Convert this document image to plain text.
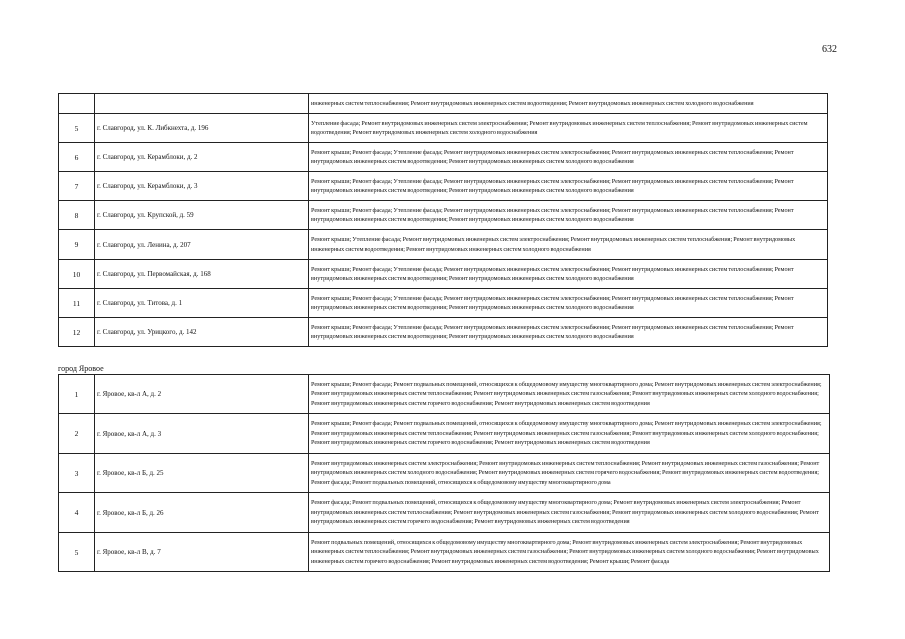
632
		инженерных систем теплоснабжения; Ремонт внутридомовых инженерных систем водоотведения; Ремонт внутридомовых инженерных систем холодного водоснабжения
5	г. Славгород, ул. К. Либкнехта, д. 196	Утепление фасада; Ремонт внутридомовых инженерных систем электроснабжения; Ремонт внутридомовых инженерных систем теплоснабжения; Ремонт внутридомовых инженерных систем водоотведения; Ремонт внутридомовых инженерных систем холодного водоснабжения
6	г. Славгород, ул. Керамблоки, д. 2	Ремонт крыши; Ремонт фасада; Утепление фасада; Ремонт внутридомовых инженерных систем электроснабжения; Ремонт внутридомовых инженерных систем теплоснабжения; Ремонт внутридомовых инженерных систем водоотведения; Ремонт внутридомовых инженерных систем холодного водоснабжения
7	г. Славгород, ул. Керамблоки, д. 3	Ремонт крыши; Ремонт фасада; Утепление фасада; Ремонт внутридомовых инженерных систем электроснабжения; Ремонт внутридомовых инженерных систем теплоснабжения; Ремонт внутридомовых инженерных систем водоотведения; Ремонт внутридомовых инженерных систем холодного водоснабжения
8	г. Славгород, ул. Крупской, д. 59	Ремонт крыши; Ремонт фасада; Утепление фасада; Ремонт внутридомовых инженерных систем электроснабжения; Ремонт внутридомовых инженерных систем теплоснабжения; Ремонт внутридомовых инженерных систем водоотведения; Ремонт внутридомовых инженерных систем холодного водоснабжения
9	г. Славгород, ул. Ленина, д. 207	Ремонт крыши; Утепление фасада; Ремонт внутридомовых инженерных систем электроснабжения; Ремонт внутридомовых инженерных систем теплоснабжения; Ремонт внутридомовых инженерных систем водоотведения; Ремонт внутридомовых инженерных систем холодного водоснабжения
10	г. Славгород, ул. Первомайская, д. 168	Ремонт крыши; Ремонт фасада; Утепление фасада; Ремонт внутридомовых инженерных систем электроснабжения; Ремонт внутридомовых инженерных систем теплоснабжения; Ремонт внутридомовых инженерных систем водоотведения; Ремонт внутридомовых инженерных систем холодного водоснабжения
11	г. Славгород, ул. Титова, д. 1	Ремонт крыши; Ремонт фасада; Утепление фасада; Ремонт внутридомовых инженерных систем электроснабжения; Ремонт внутридомовых инженерных систем теплоснабжения; Ремонт внутридомовых инженерных систем водоотведения; Ремонт внутридомовых инженерных систем холодного водоснабжения
12	г. Славгород, ул. Урицкого, д. 142	Ремонт крыши; Ремонт фасада; Утепление фасада; Ремонт внутридомовых инженерных систем электроснабжения; Ремонт внутридомовых инженерных систем теплоснабжения; Ремонт внутридомовых инженерных систем водоотведения; Ремонт внутридомовых инженерных систем холодного водоснабжения
город Яровое
1	г. Яровое, кв-л А, д. 2	Ремонт крыши; Ремонт фасада; Ремонт подвальных помещений, относящихся к общедомовому имуществу многоквартирного дома; Ремонт внутридомовых инженерных систем электроснабжения; Ремонт внутридомовых инженерных систем теплоснабжения; Ремонт внутридомовых инженерных систем газоснабжения; Ремонт внутридомовых инженерных систем холодного водоснабжения; Ремонт внутридомовых инженерных систем горячего водоснабжения; Ремонт внутридомовых инженерных систем водоотведения
2	г. Яровое, кв-л А, д. 3	Ремонт крыши; Ремонт фасада; Ремонт подвальных помещений, относящихся к общедомовому имуществу многоквартирного дома; Ремонт внутридомовых инженерных систем электроснабжения; Ремонт внутридомовых инженерных систем теплоснабжения; Ремонт внутридомовых инженерных систем газоснабжения; Ремонт внутридомовых инженерных систем холодного водоснабжения; Ремонт внутридомовых инженерных систем горячего водоснабжения; Ремонт внутридомовых инженерных систем водоотведения
3	г. Яровое, кв-л Б, д. 25	Ремонт внутридомовых инженерных систем электроснабжения; Ремонт внутридомовых инженерных систем теплоснабжения; Ремонт внутридомовых инженерных систем газоснабжения; Ремонт внутридомовых инженерных систем холодного водоснабжения; Ремонт внутридомовых инженерных систем горячего водоснабжения; Ремонт внутридомовых инженерных систем водоотведения; Ремонт фасада; Ремонт подвальных помещений, относящихся к общедомовому имуществу многоквартирного дома
4	г. Яровое, кв-л Б, д. 26	Ремонт фасада; Ремонт подвальных помещений, относящихся к общедомовому имуществу многоквартирного дома; Ремонт внутридомовых инженерных систем электроснабжения; Ремонт внутридомовых инженерных систем теплоснабжения; Ремонт внутридомовых инженерных систем газоснабжения; Ремонт внутридомовых инженерных систем холодного водоснабжения; Ремонт внутридомовых инженерных систем горячего водоснабжения; Ремонт внутридомовых инженерных систем водоотведения
5	г. Яровое, кв-л В, д. 7	Ремонт подвальных помещений, относящихся к общедомовому имуществу многоквартирного дома; Ремонт внутридомовых инженерных систем электроснабжения; Ремонт внутридомовых инженерных систем теплоснабжения; Ремонт внутридомовых инженерных систем газоснабжения; Ремонт внутридомовых инженерных систем холодного водоснабжения; Ремонт внутридомовых инженерных систем горячего водоснабжения; Ремонт внутридомовых инженерных систем водоотведения; Ремонт крыши; Ремонт фасада
